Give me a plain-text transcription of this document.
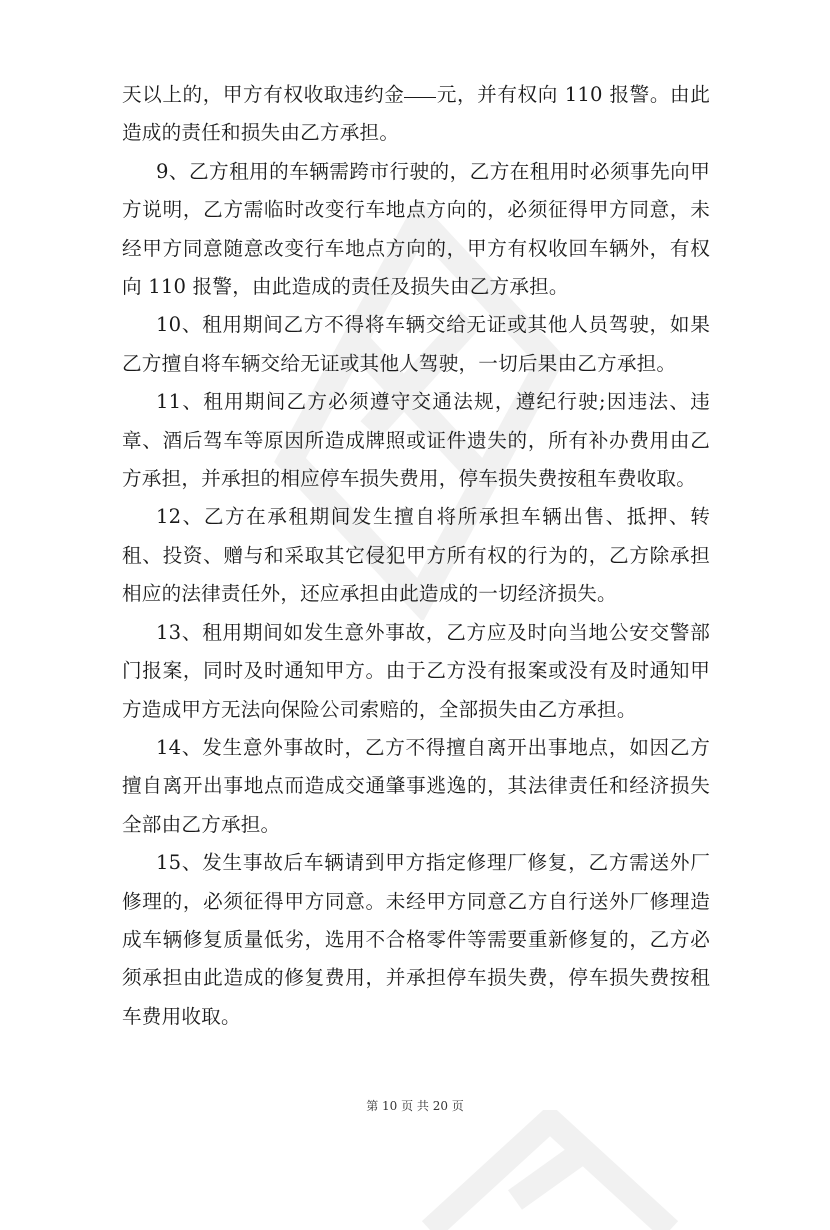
天以上的，甲方有权收取违约金 元，并有权向 110 报警。由此造成的责任和损失由乙方承担。

9、乙方租用的车辆需跨市行驶的，乙方在租用时必须事先向甲方说明，乙方需临时改变行车地点方向的，必须征得甲方同意，未经甲方同意随意改变行车地点方向的，甲方有权收回车辆外，有权向 110 报警，由此造成的责任及损失由乙方承担。

10、租用期间乙方不得将车辆交给无证或其他人员驾驶，如果乙方擅自将车辆交给无证或其他人驾驶，一切后果由乙方承担。

11、租用期间乙方必须遵守交通法规，遵纪行驶;因违法、违章、酒后驾车等原因所造成牌照或证件遗失的，所有补办费用由乙方承担，并承担的相应停车损失费用，停车损失费按租车费收取。

12、乙方在承租期间发生擅自将所承担车辆出售、抵押、转租、投资、赠与和采取其它侵犯甲方所有权的行为的，乙方除承担相应的法律责任外，还应承担由此造成的一切经济损失。

13、租用期间如发生意外事故，乙方应及时向当地公安交警部门报案，同时及时通知甲方。由于乙方没有报案或没有及时通知甲方造成甲方无法向保险公司索赔的，全部损失由乙方承担。

14、发生意外事故时，乙方不得擅自离开出事地点，如因乙方擅自离开出事地点而造成交通肇事逃逸的，其法律责任和经济损失全部由乙方承担。

15、发生事故后车辆请到甲方指定修理厂修复，乙方需送外厂修理的，必须征得甲方同意。未经甲方同意乙方自行送外厂修理造成车辆修复质量低劣，选用不合格零件等需要重新修复的，乙方必须承担由此造成的修复费用，并承担停车损失费，停车损失费按租车费用收取。

第 10 页 共 20 页
